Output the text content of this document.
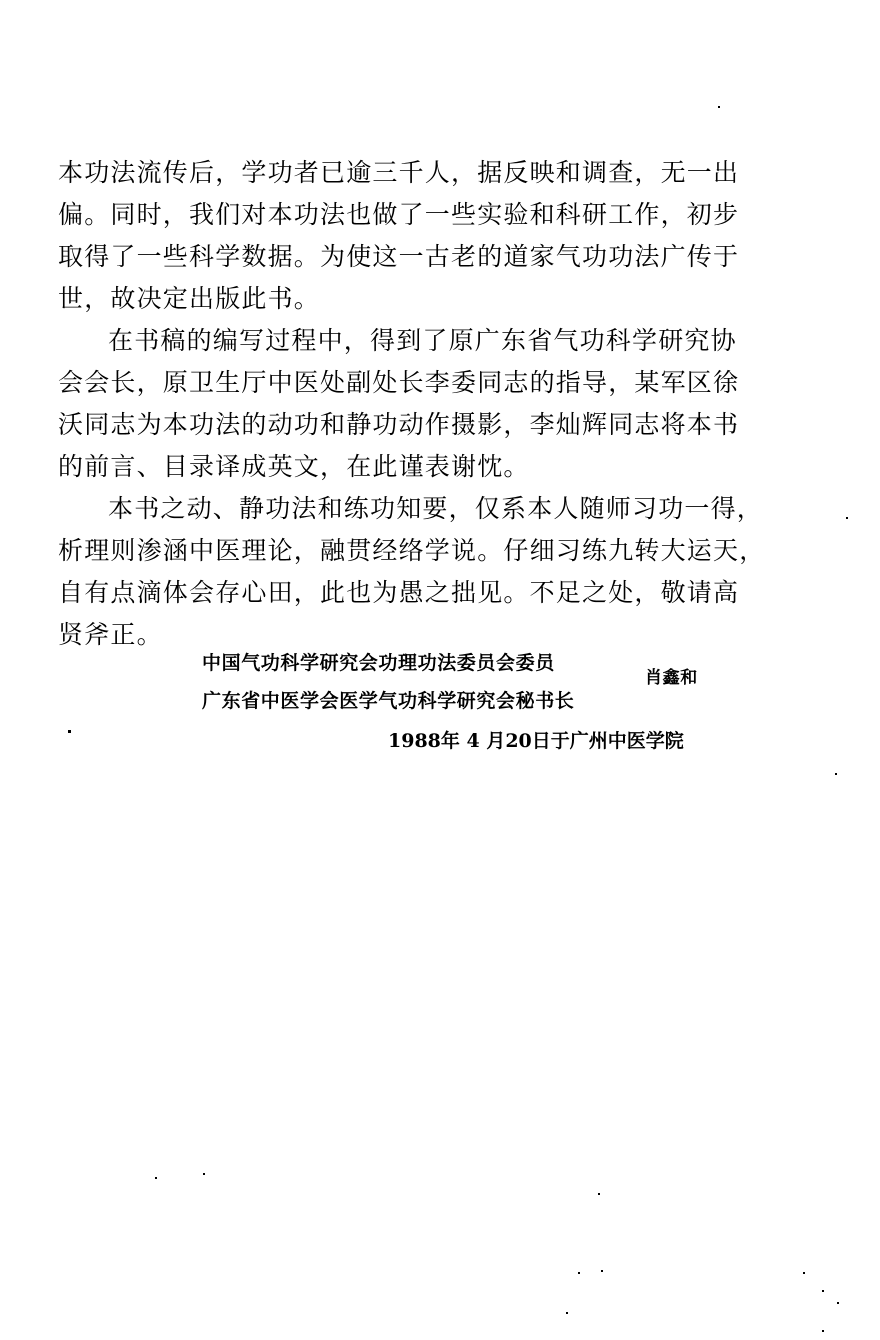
本功法流传后，学功者已逾三千人，据反映和调查，无一出
偏。同时，我们对本功法也做了一些实验和科研工作，初步
取得了一些科学数据。为使这一古老的道家气功功法广传于
世，故决定出版此书。
在书稿的编写过程中，得到了原广东省气功科学研究协
会会长，原卫生厅中医处副处长李委同志的指导，某军区徐
沃同志为本功法的动功和静功动作摄影，李灿辉同志将本书
的前言、目录译成英文，在此谨表谢忱。
本书之动、静功法和练功知要，仅系本人随师习功一得，
析理则渗涵中医理论，融贯经络学说。仔细习练九转大运天，
自有点滴体会存心田，此也为愚之拙见。不足之处，敬请高
贤斧正。
中国气功科学研究会功理功法委员会委员
广东省中医学会医学气功科学研究会秘书长
肖鑫和
1988年 4 月20日于广州中医学院
